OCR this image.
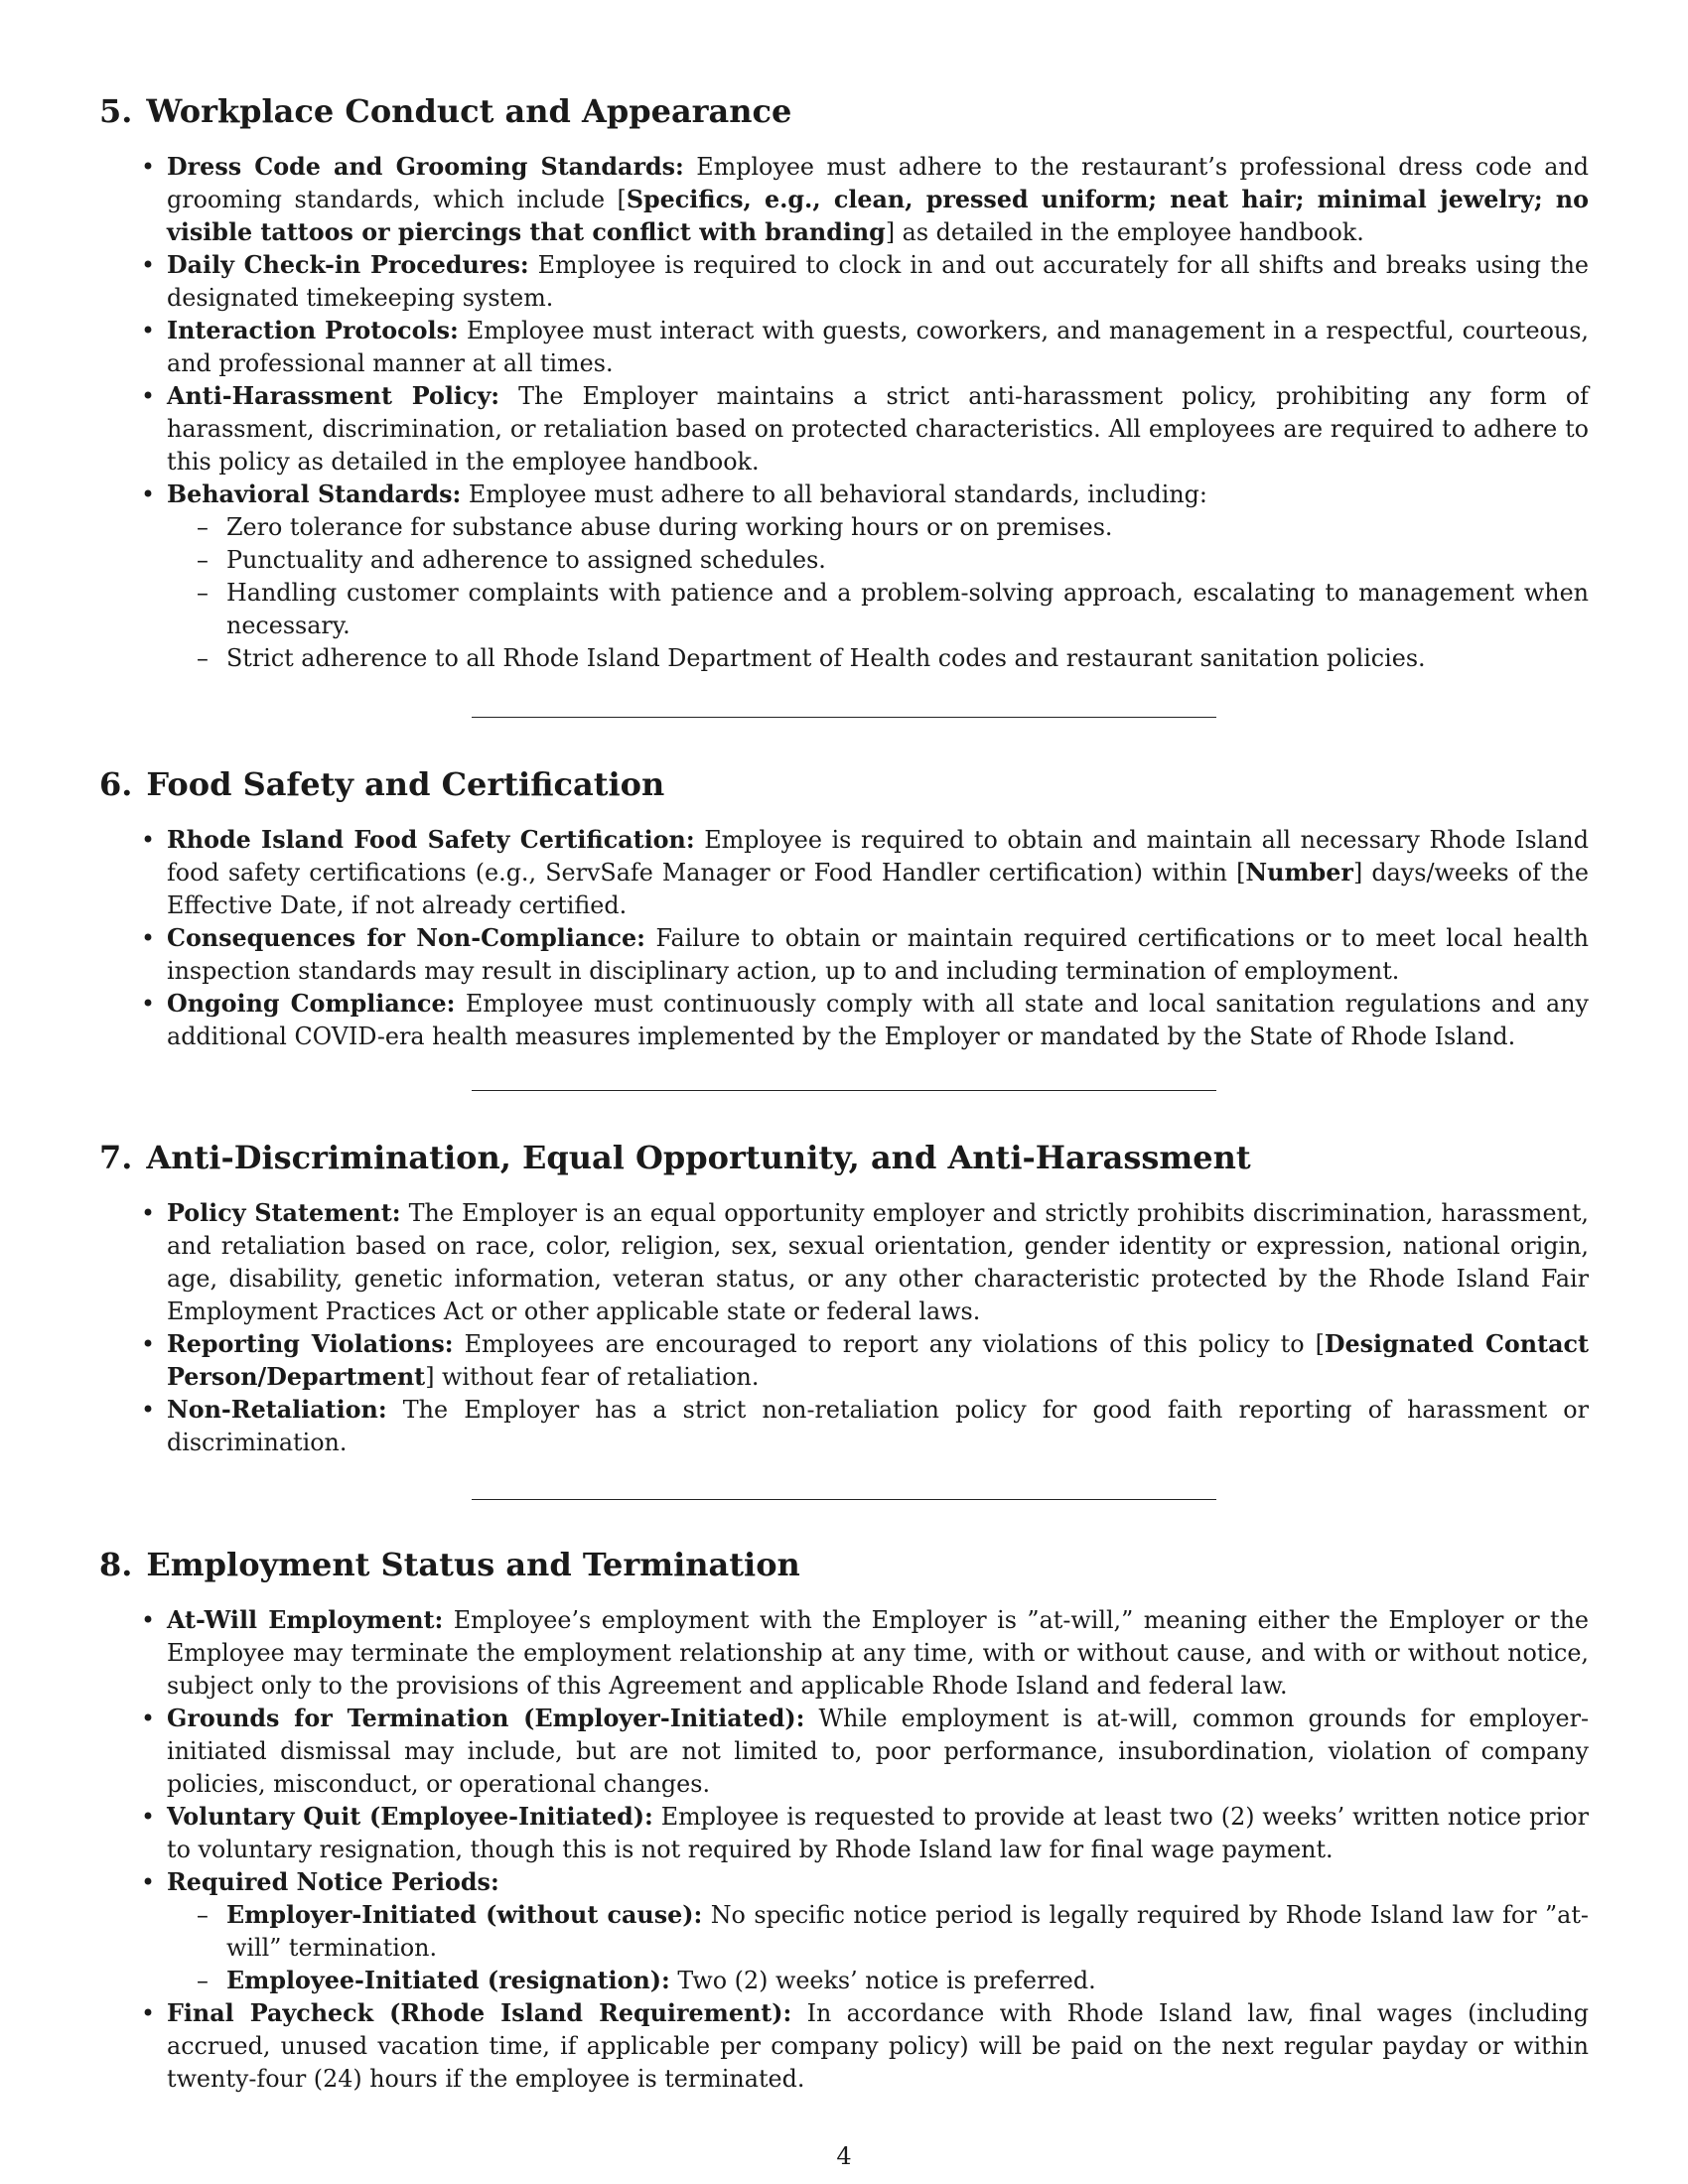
5. Workplace Conduct and Appearance
• Dress Code and Grooming Standards: Employee must adhere to the restaurant’s professional dress code and grooming standards, which include [Specifics, e.g., clean, pressed uniform; neat hair; minimal jewelry; no visible tattoos or piercings that conflict with branding] as detailed in the employee handbook.
• Daily Check-in Procedures: Employee is required to clock in and out accurately for all shifts and breaks using the designated timekeeping system.
• Interaction Protocols: Employee must interact with guests, coworkers, and management in a respectful, courteous, and professional manner at all times.
• Anti-Harassment Policy: The Employer maintains a strict anti-harassment policy, prohibiting any form of harassment, discrimination, or retaliation based on protected characteristics. All employees are required to adhere to this policy as detailed in the employee handbook.
• Behavioral Standards: Employee must adhere to all behavioral standards, including:
– Zero tolerance for substance abuse during working hours or on premises.
– Punctuality and adherence to assigned schedules.
– Handling customer complaints with patience and a problem-solving approach, escalating to management when necessary.
– Strict adherence to all Rhode Island Department of Health codes and restaurant sanitation policies.
6. Food Safety and Certification
• Rhode Island Food Safety Certification: Employee is required to obtain and maintain all necessary Rhode Island food safety certifications (e.g., ServSafe Manager or Food Handler certification) within [Number] days/weeks of the Effective Date, if not already certified.
• Consequences for Non-Compliance: Failure to obtain or maintain required certifications or to meet local health inspection standards may result in disciplinary action, up to and including termination of employment.
• Ongoing Compliance: Employee must continuously comply with all state and local sanitation regulations and any additional COVID-era health measures implemented by the Employer or mandated by the State of Rhode Island.
7. Anti-Discrimination, Equal Opportunity, and Anti-Harassment
• Policy Statement: The Employer is an equal opportunity employer and strictly prohibits discrimination, harassment, and retaliation based on race, color, religion, sex, sexual orientation, gender identity or expression, national origin, age, disability, genetic information, veteran status, or any other characteristic protected by the Rhode Island Fair Employment Practices Act or other applicable state or federal laws.
• Reporting Violations: Employees are encouraged to report any violations of this policy to [Designated Contact Person/Department] without fear of retaliation.
• Non-Retaliation: The Employer has a strict non-retaliation policy for good faith reporting of harassment or discrimination.
8. Employment Status and Termination
• At-Will Employment: Employee’s employment with the Employer is ”at-will,” meaning either the Employer or the Employee may terminate the employment relationship at any time, with or without cause, and with or without notice, subject only to the provisions of this Agreement and applicable Rhode Island and federal law.
• Grounds for Termination (Employer-Initiated): While employment is at-will, common grounds for employer-initiated dismissal may include, but are not limited to, poor performance, insubordination, violation of company policies, misconduct, or operational changes.
• Voluntary Quit (Employee-Initiated): Employee is requested to provide at least two (2) weeks’ written notice prior to voluntary resignation, though this is not required by Rhode Island law for final wage payment.
• Required Notice Periods:
– Employer-Initiated (without cause): No specific notice period is legally required by Rhode Island law for ”at-will” termination.
– Employee-Initiated (resignation): Two (2) weeks’ notice is preferred.
• Final Paycheck (Rhode Island Requirement): In accordance with Rhode Island law, final wages (including accrued, unused vacation time, if applicable per company policy) will be paid on the next regular payday or within twenty-four (24) hours if the employee is terminated.
4
